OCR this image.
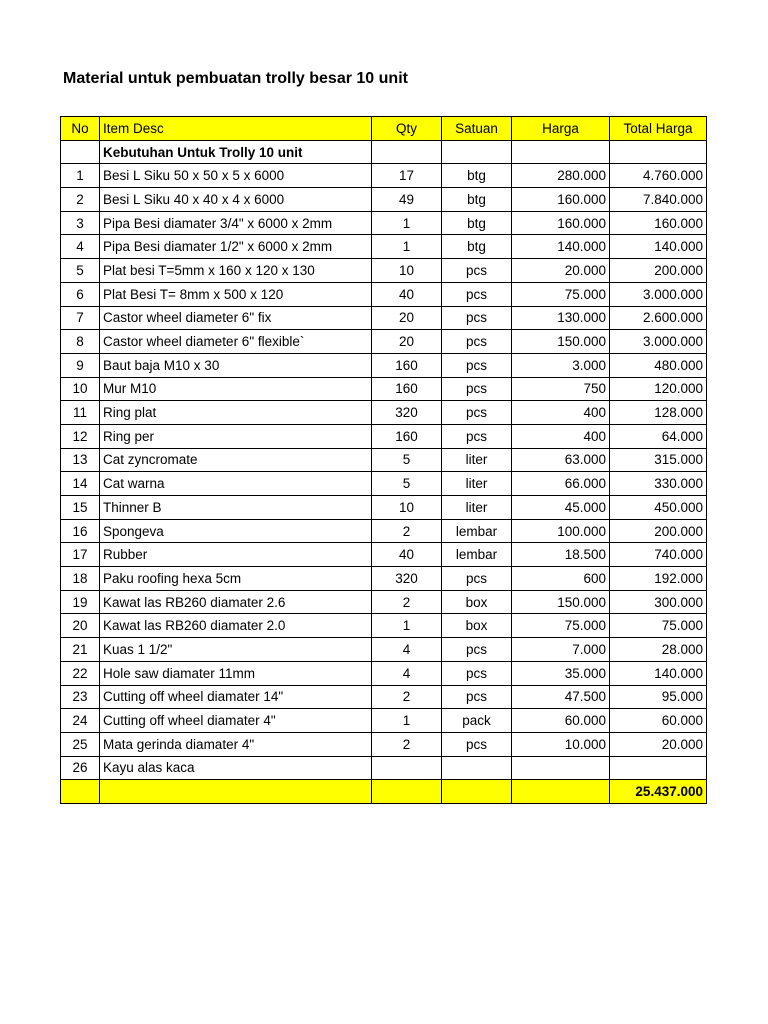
Material untuk pembuatan trolly besar 10 unit
No	Item Desc	Qty	Satuan	Harga	Total Harga
	Kebutuhan Untuk Trolly 10 unit				
1	Besi L Siku 50 x 50 x 5 x 6000	17	btg	280.000	4.760.000
2	Besi L Siku 40 x 40 x 4 x 6000	49	btg	160.000	7.840.000
3	Pipa Besi diamater 3/4" x 6000 x 2mm	1	btg	160.000	160.000
4	Pipa Besi diamater 1/2" x 6000 x 2mm	1	btg	140.000	140.000
5	Plat besi T=5mm x 160 x 120 x 130	10	pcs	20.000	200.000
6	Plat Besi T= 8mm x 500 x 120	40	pcs	75.000	3.000.000
7	Castor wheel diameter 6" fix	20	pcs	130.000	2.600.000
8	Castor wheel diameter 6" flexible`	20	pcs	150.000	3.000.000
9	Baut baja M10 x 30	160	pcs	3.000	480.000
10	Mur M10	160	pcs	750	120.000
11	Ring plat	320	pcs	400	128.000
12	Ring per	160	pcs	400	64.000
13	Cat zyncromate	5	liter	63.000	315.000
14	Cat warna	5	liter	66.000	330.000
15	Thinner B	10	liter	45.000	450.000
16	Spongeva	2	lembar	100.000	200.000
17	Rubber	40	lembar	18.500	740.000
18	Paku roofing hexa 5cm	320	pcs	600	192.000
19	Kawat las RB260 diamater 2.6	2	box	150.000	300.000
20	Kawat las RB260 diamater 2.0	1	box	75.000	75.000
21	Kuas 1 1/2"	4	pcs	7.000	28.000
22	Hole saw diamater 11mm	4	pcs	35.000	140.000
23	Cutting off wheel diamater 14"	2	pcs	47.500	95.000
24	Cutting off wheel diamater 4"	1	pack	60.000	60.000
25	Mata gerinda diamater 4"	2	pcs	10.000	20.000
26	Kayu alas kaca				
					25.437.000
